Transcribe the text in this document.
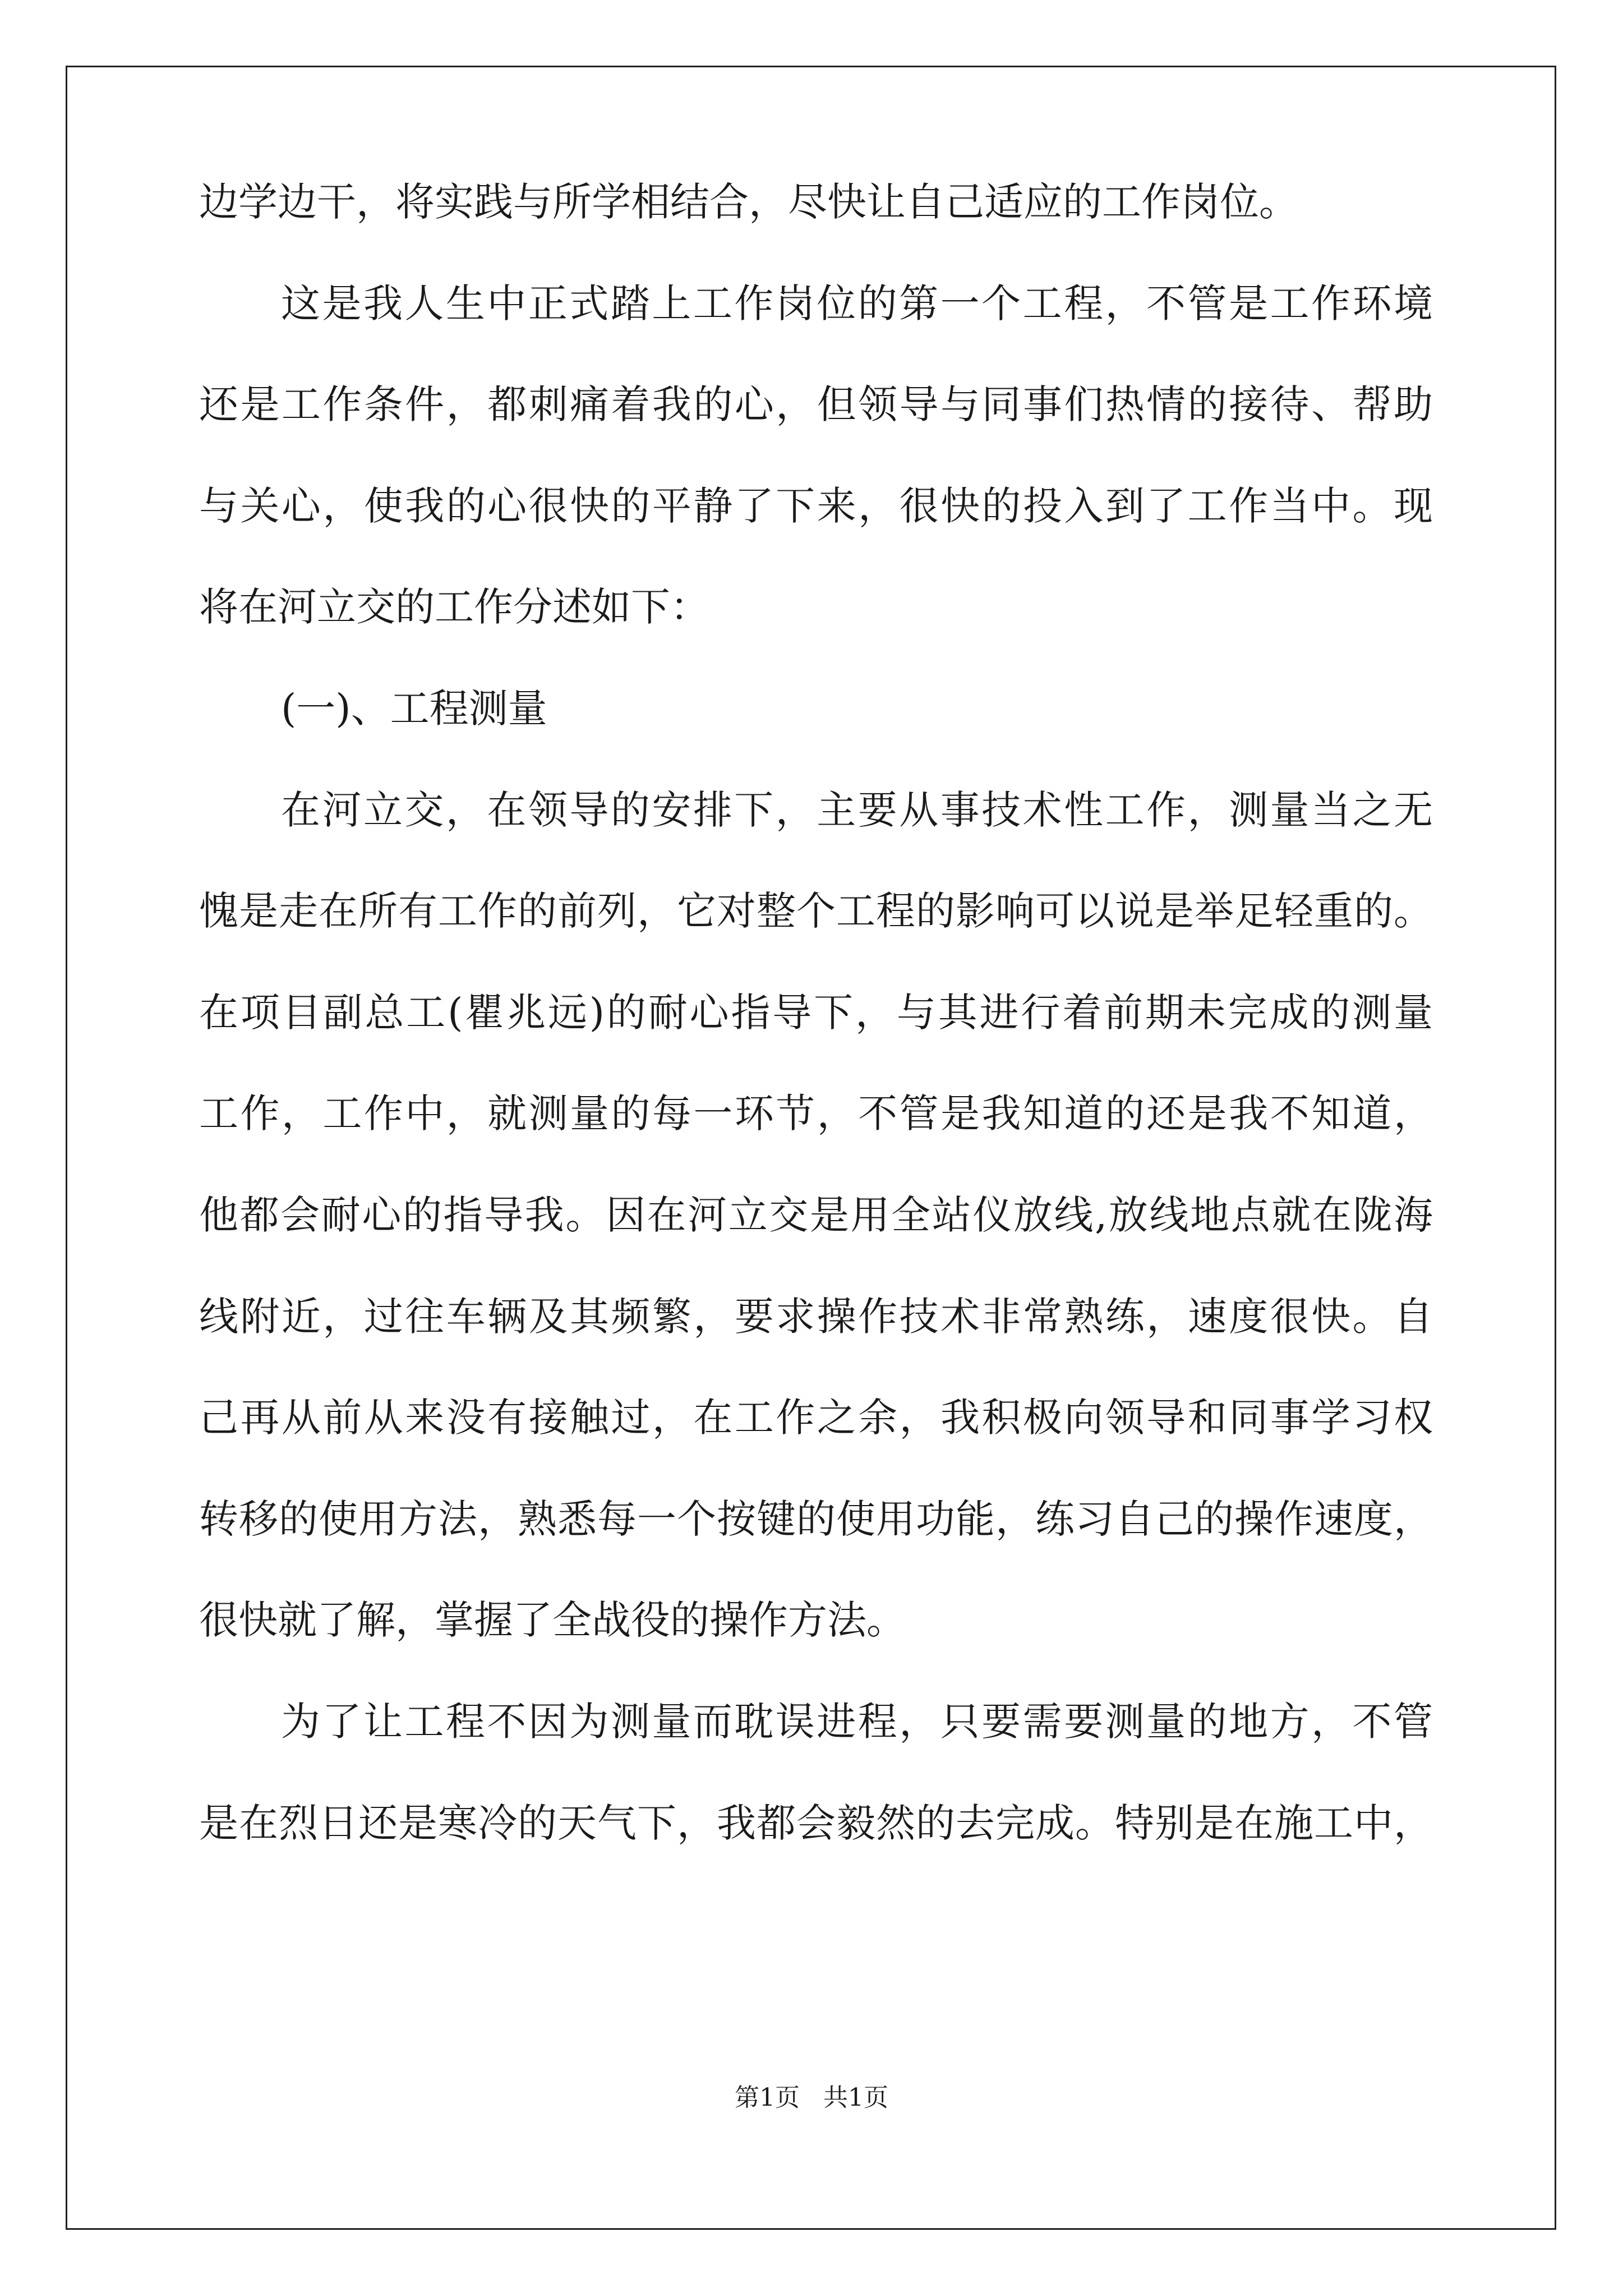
边学边干，将实践与所学相结合，尽快让自己适应的工作岗位。
这是我人生中正式踏上工作岗位的第一个工程，不管是工作环境
还是工作条件，都刺痛着我的心，但领导与同事们热情的接待、帮助
与关心，使我的心很快的平静了下来，很快的投入到了工作当中。现
将在河立交的工作分述如下：
(一)、工程测量
在河立交，在领导的安排下，主要从事技术性工作，测量当之无
愧是走在所有工作的前列，它对整个工程的影响可以说是举足轻重的。
在项目副总工(瞿兆远)的耐心指导下，与其进行着前期未完成的测量
工作，工作中，就测量的每一环节，不管是我知道的还是我不知道，
他都会耐心的指导我。因在河立交是用全站仪放线,放线地点就在陇海
线附近，过往车辆及其频繁，要求操作技术非常熟练，速度很快。自
己再从前从来没有接触过，在工作之余，我积极向领导和同事学习权
转移的使用方法，熟悉每一个按键的使用功能，练习自己的操作速度，
很快就了解，掌握了全战役的操作方法。
为了让工程不因为测量而耽误进程，只要需要测量的地方，不管
是在烈日还是寒冷的天气下，我都会毅然的去完成。特别是在施工中，
第1页   共1页
